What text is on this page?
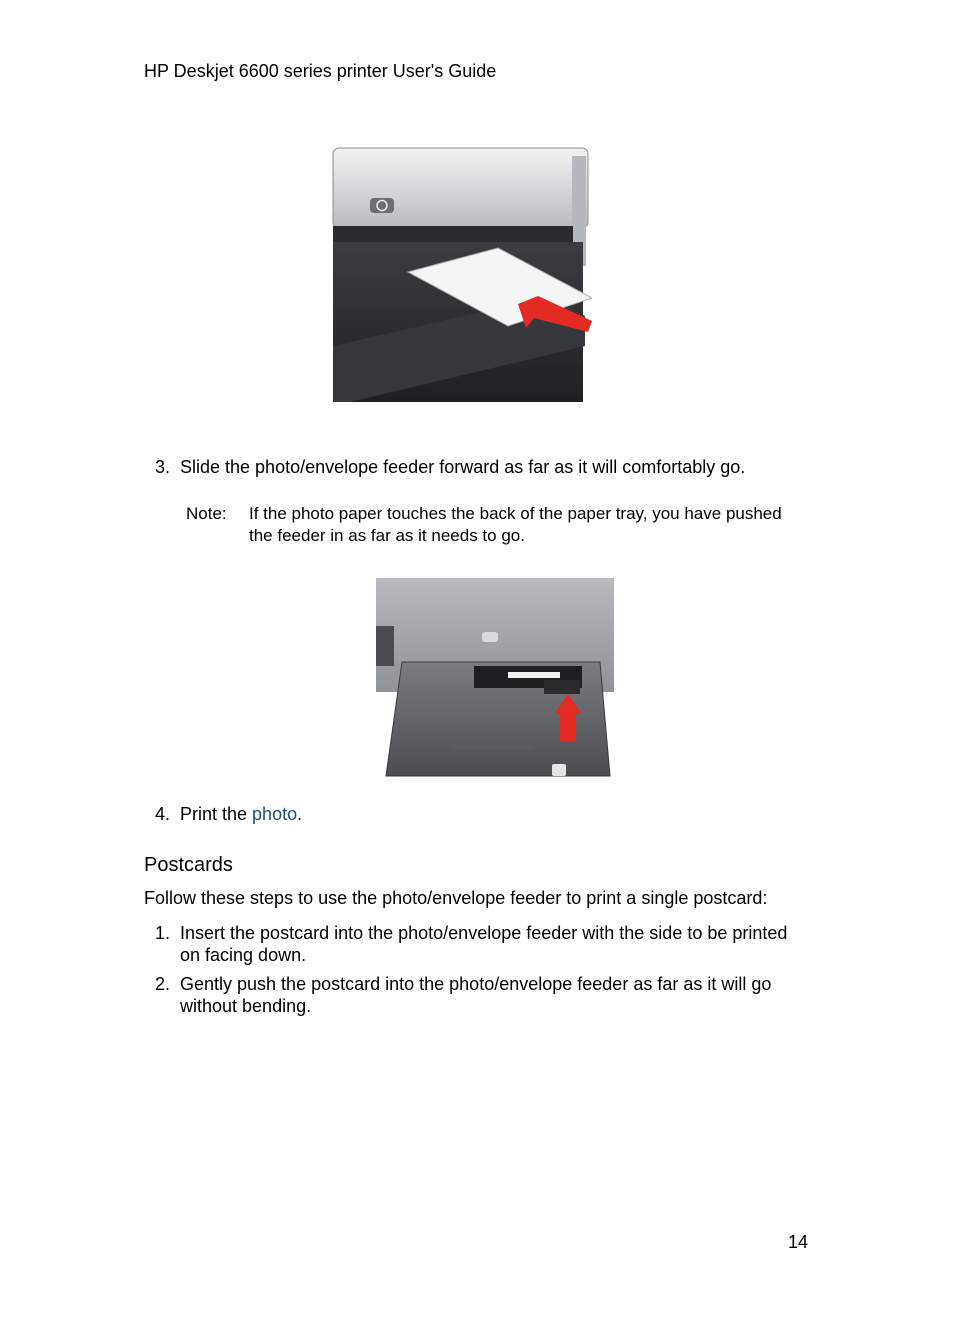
HP Deskjet 6600 series printer User's Guide
3. Slide the photo/envelope feeder forward as far as it will comfortably go.
Note: If the photo paper touches the back of the paper tray, you have pushed
the feeder in as far as it needs to go.
4. Print the photo.
Postcards
Follow these steps to use the photo/envelope feeder to print a single postcard:
1. Insert the postcard into the photo/envelope feeder with the side to be printed
on facing down.
2. Gently push the postcard into the photo/envelope feeder as far as it will go
without bending.
14
